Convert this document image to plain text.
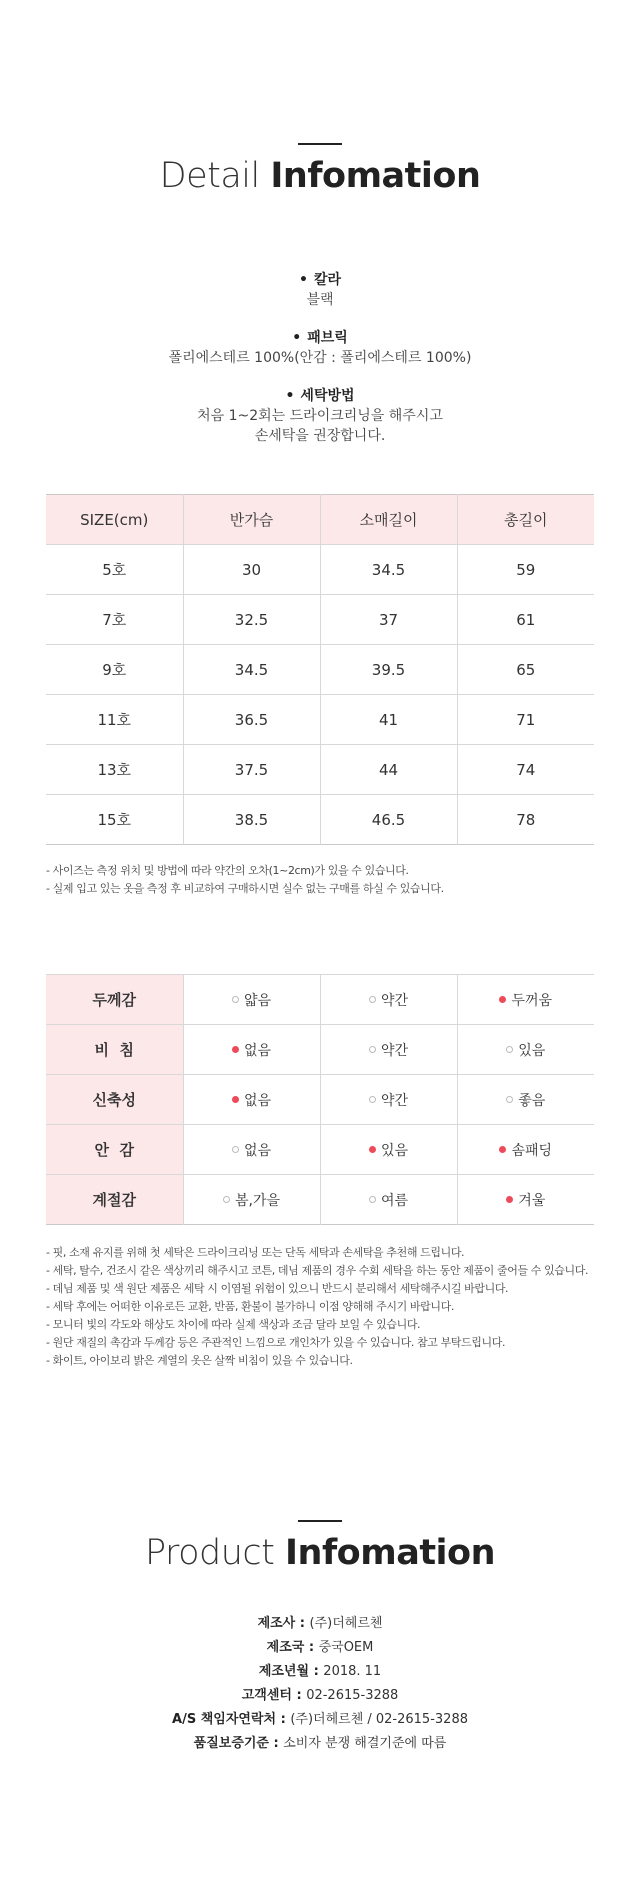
Detail Infomation
• 칼라
블랙
• 패브릭
폴리에스테르 100%(안감 : 폴리에스테르 100%)
• 세탁방법
처음 1~2회는 드라이크리닝을 해주시고
손세탁을 권장합니다.
SIZE(cm)	반가슴	소매길이	총길이
5호	30	34.5	59
7호	32.5	37	61
9호	34.5	39.5	65
11호	36.5	41	71
13호	37.5	44	74
15호	38.5	46.5	78
- 사이즈는 측정 위치 및 방법에 따라 약간의 오차(1~2cm)가 있을 수 있습니다.
- 실제 입고 있는 옷을 측정 후 비교하여 구매하시면 실수 없는 구매를 하실 수 있습니다.
두께감	얇음	약간	두꺼움

비  침	없음	약간	있음

신축성	없음	약간	좋음

안  감	없음	있음	솜패딩

계절감	봄,가을	여름	겨울
- 핏, 소재 유지를 위해 첫 세탁은 드라이크리닝 또는 단독 세탁과 손세탁을 추천해 드립니다.
- 세탁, 탈수, 건조시 같은 색상끼리 해주시고 코튼, 데님 제품의 경우 수회 세탁을 하는 동안 제품이 줄어들 수 있습니다.
- 데님 제품 및 색 원단 제품은 세탁 시 이염될 위험이 있으니 반드시 분리해서 세탁해주시길 바랍니다.
- 세탁 후에는 어떠한 이유로든 교환, 반품, 환불이 불가하니 이점 양해해 주시기 바랍니다.
- 모니터 빛의 각도와 해상도 차이에 따라 실제 색상과 조금 달라 보일 수 있습니다.
- 원단 재질의 촉감과 두께감 등은 주관적인 느낌으로 개인차가 있을 수 있습니다. 참고 부탁드립니다.
- 화이트, 아이보리 밝은 계열의 옷은 살짝 비침이 있을 수 있습니다.
Product Infomation
제조사 : (주)더헤르첸
제조국 : 중국OEM
제조년월 : 2018. 11
고객센터 : 02-2615-3288
A/S 책임자연락처 : (주)더헤르첸 / 02-2615-3288
품질보증기준 : 소비자 분쟁 해결기준에 따름
